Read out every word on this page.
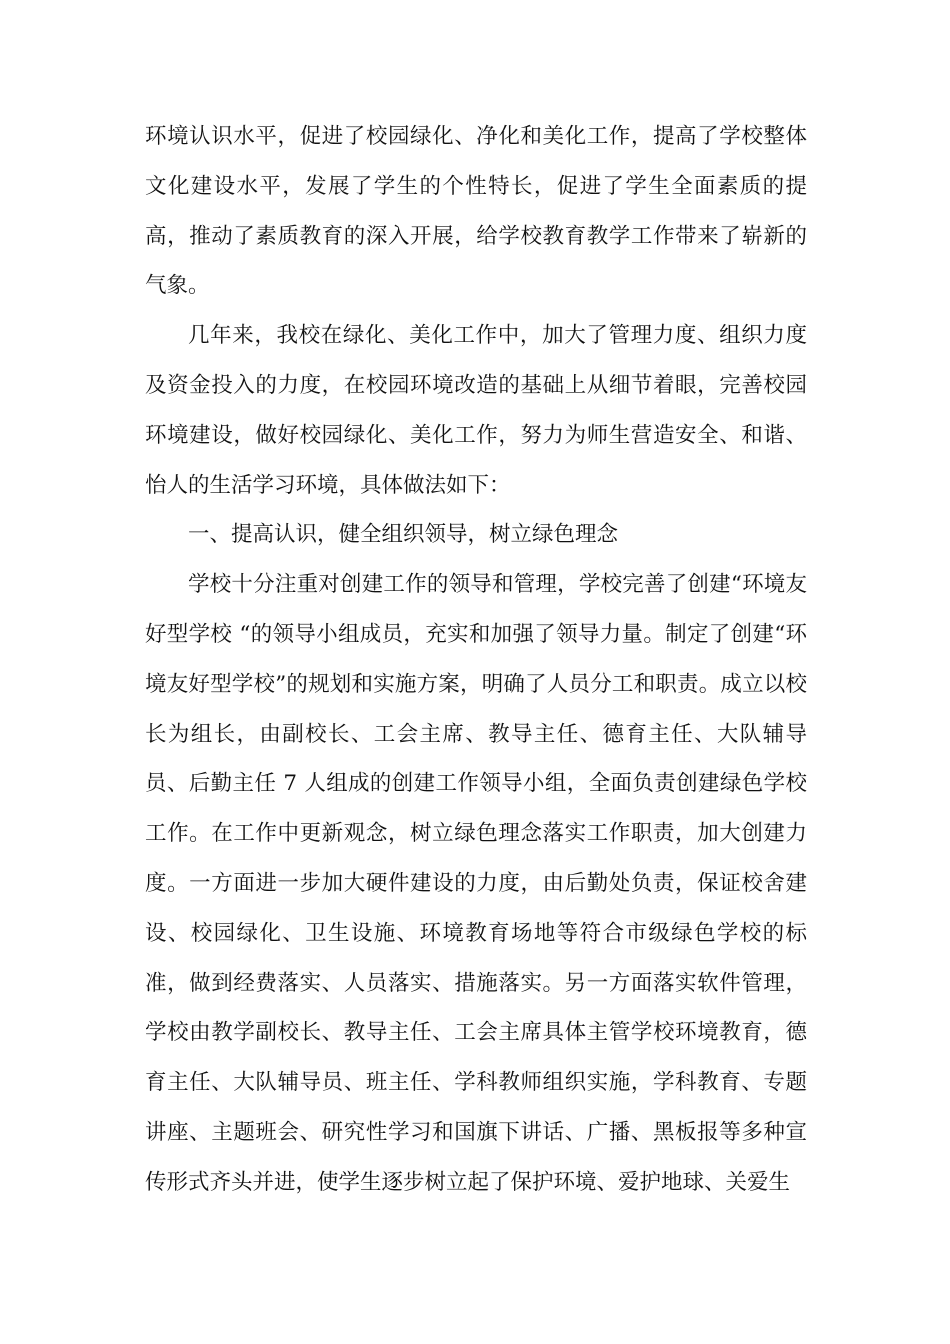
环境认识水平，促进了校园绿化、净化和美化工作，提高了学校整体文化建设水平，发展了学生的个性特长，促进了学生全面素质的提高，推动了素质教育的深入开展，给学校教育教学工作带来了崭新的气象。

几年来，我校在绿化、美化工作中，加大了管理力度、组织力度及资金投入的力度，在校园环境改造的基础上从细节着眼，完善校园环境建设，做好校园绿化、美化工作，努力为师生营造安全、和谐、怡人的生活学习环境，具体做法如下：

一、提高认识，健全组织领导，树立绿色理念

学校十分注重对创建工作的领导和管理，学校完善了创建“环境友好型学校 “的领导小组成员，充实和加强了领导力量。制定了创建“环境友好型学校”的规划和实施方案，明确了人员分工和职责。成立以校长为组长，由副校长、工会主席、教导主任、德育主任、大队辅导员、后勤主任 7 人组成的创建工作领导小组，全面负责创建绿色学校工作。在工作中更新观念，树立绿色理念落实工作职责，加大创建力度。一方面进一步加大硬件建设的力度，由后勤处负责，保证校舍建设、校园绿化、卫生设施、环境教育场地等符合市级绿色学校的标准，做到经费落实、人员落实、措施落实。另一方面落实软件管理，学校由教学副校长、教导主任、工会主席具体主管学校环境教育，德育主任、大队辅导员、班主任、学科教师组织实施，学科教育、专题讲座、主题班会、研究性学习和国旗下讲话、广播、黑板报等多种宣传形式齐头并进，使学生逐步树立起了保护环境、爱护地球、关爱生
